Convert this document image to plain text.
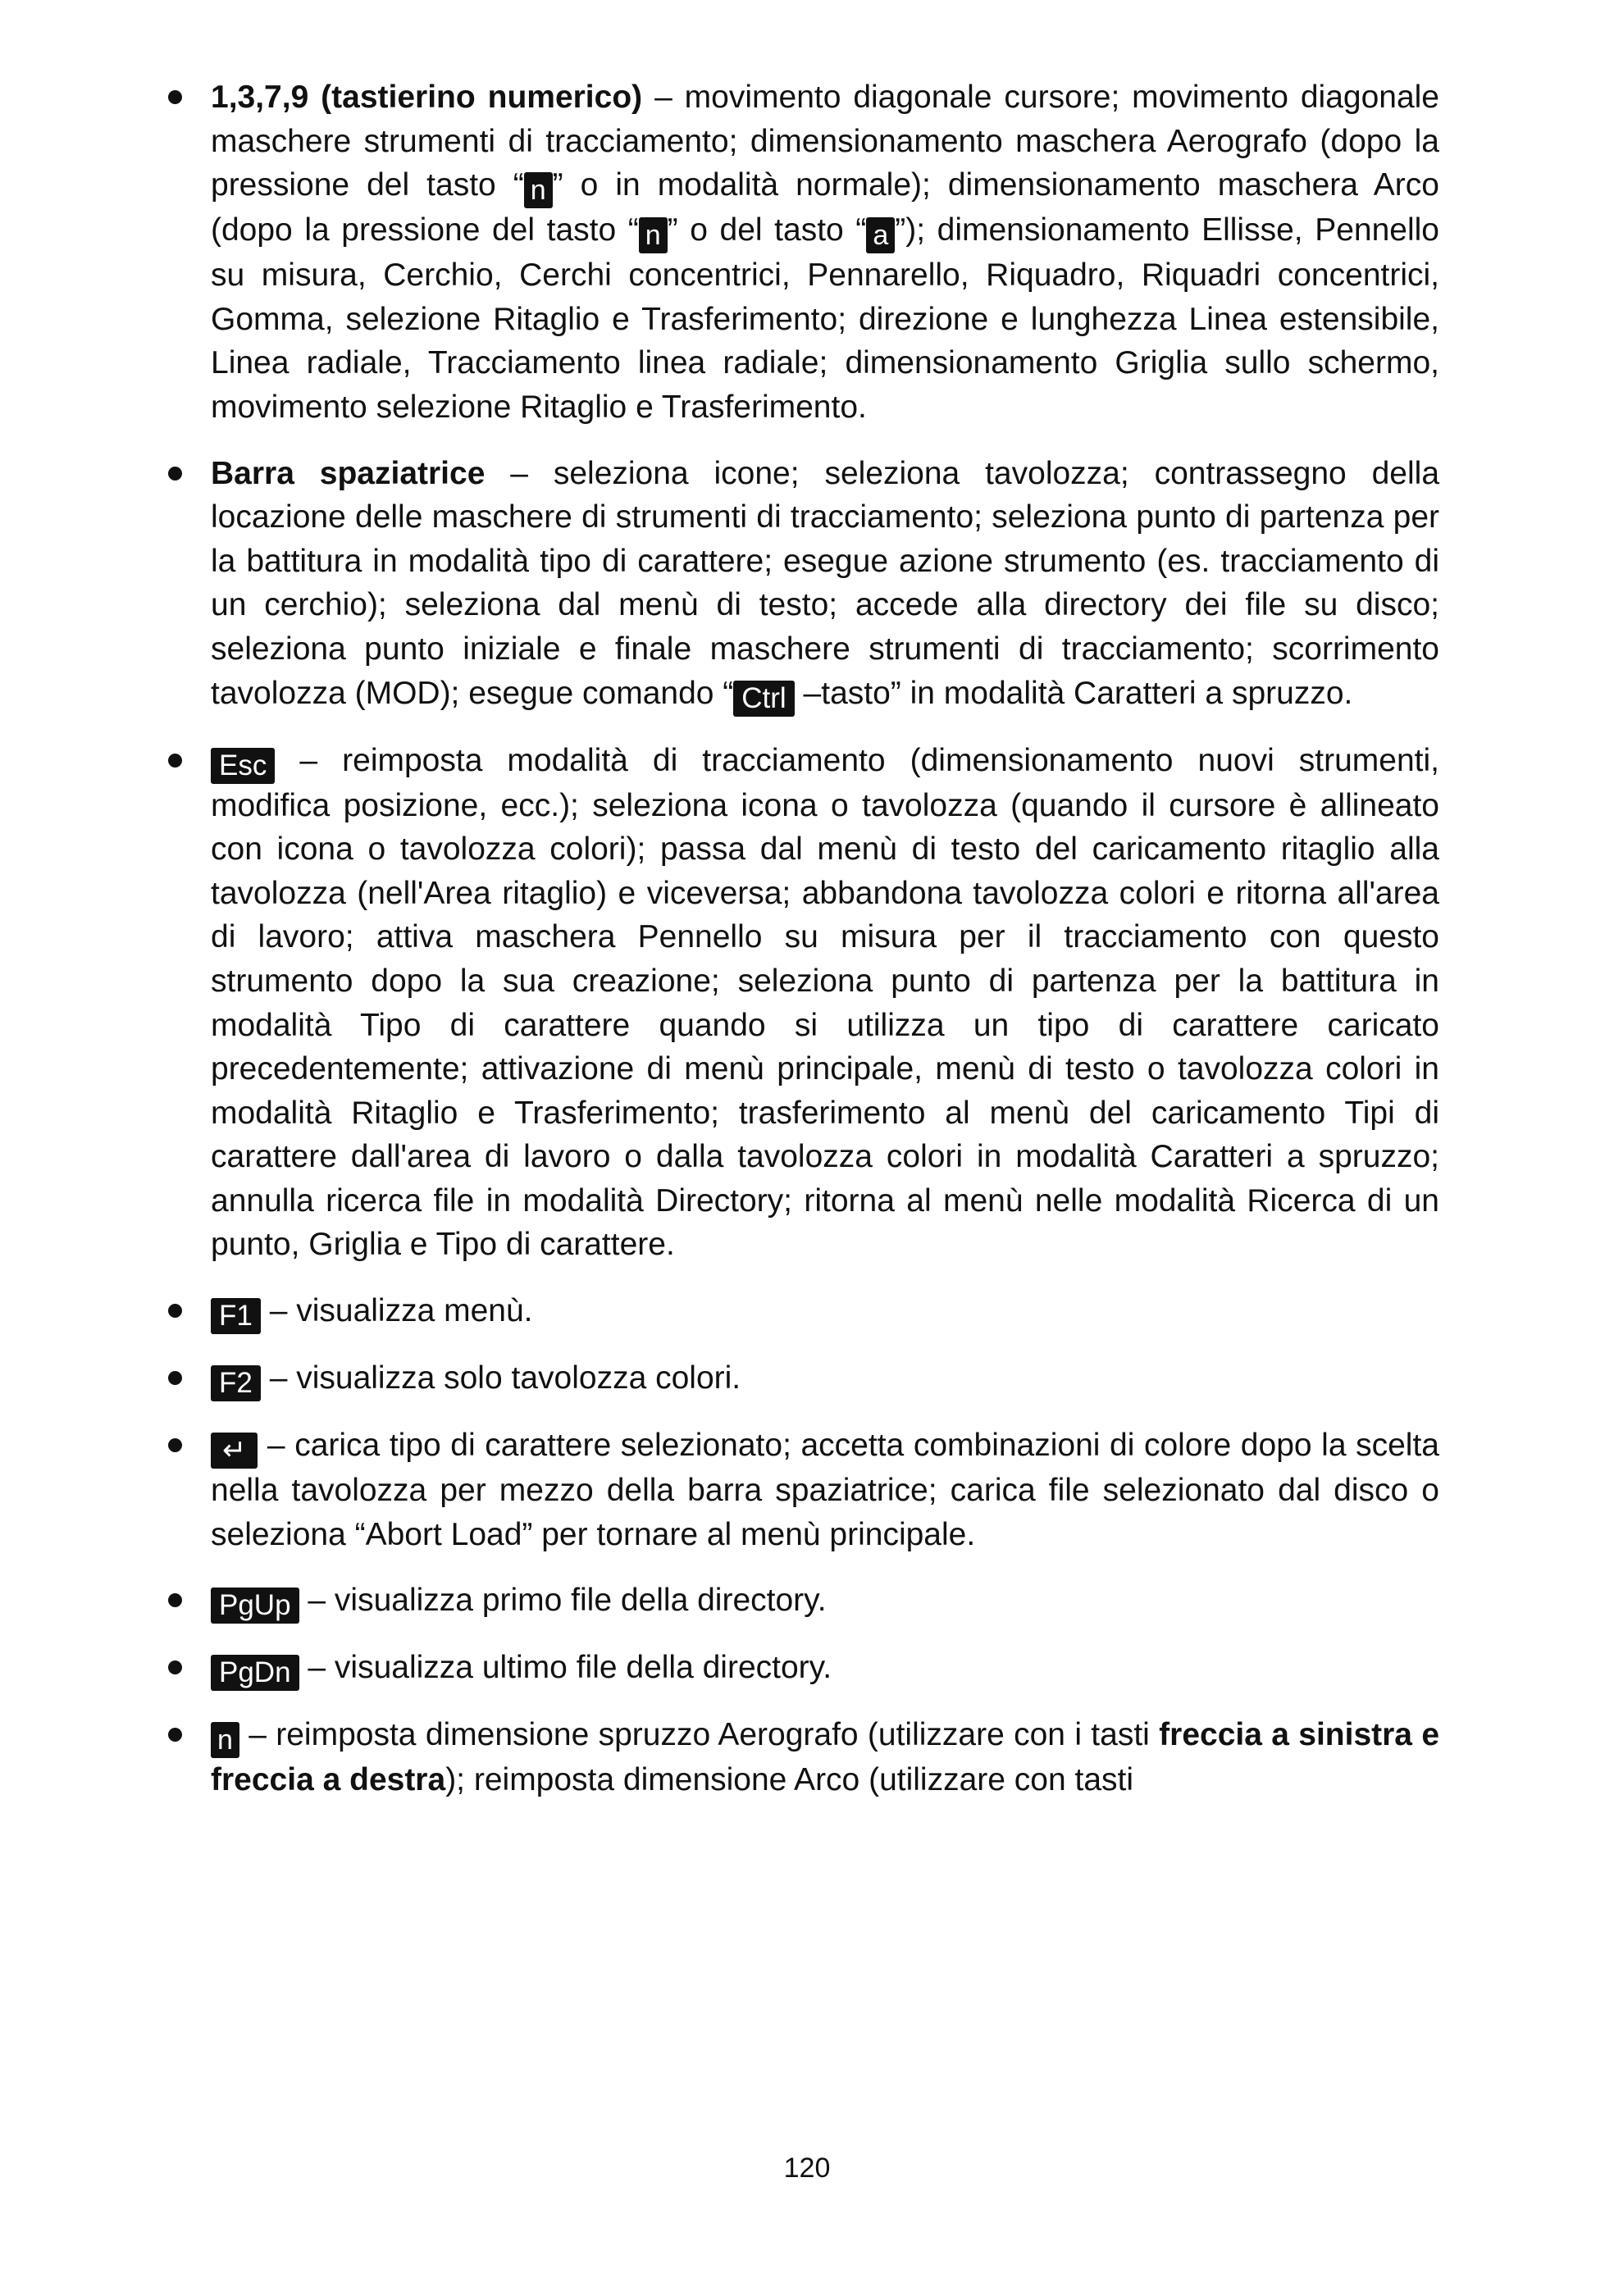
1,3,7,9 (tastierino numerico) – movimento diagonale cursore; movimento diagonale maschere strumenti di tracciamento; dimensionamento maschera Aerografo (dopo la pressione del tasto “ n ” o in modalità normale); dimensionamento maschera Arco (dopo la pressione del tasto “ n ” o del tasto “ a ”); dimensionamento Ellisse, Pennello su misura, Cerchio, Cerchi concentrici, Pennarello, Riquadro, Riquadri concentrici, Gomma, selezione Ritaglio e Trasferimento; direzione e lunghezza Linea estensibile, Linea radiale, Tracciamento linea radiale; dimensionamento Griglia sullo schermo, movimento selezione Ritaglio e Trasferimento.
Barra spaziatrice – seleziona icone; seleziona tavolozza; contrassegno della locazione delle maschere di strumenti di tracciamento; seleziona punto di partenza per la battitura in modalità tipo di carattere; esegue azione strumento (es. tracciamento di un cerchio); seleziona dal menù di testo; accede alla directory dei file su disco; seleziona punto iniziale e finale maschere strumenti di tracciamento; scorrimento tavolozza (MOD); esegue comando “ Ctrl –tasto” in modalità Caratteri a spruzzo.
Esc – reimposta modalità di tracciamento (dimensionamento nuovi strumenti, modifica posizione, ecc.); seleziona icona o tavolozza (quando il cursore è allineato con icona o tavolozza colori); passa dal menù di testo del caricamento ritaglio alla tavolozza (nell'Area ritaglio) e viceversa; abbandona tavolozza colori e ritorna all'area di lavoro; attiva maschera Pennello su misura per il tracciamento con questo strumento dopo la sua creazione; seleziona punto di partenza per la battitura in modalità Tipo di carattere quando si utilizza un tipo di carattere caricato precedentemente; attivazione di menù principale, menù di testo o tavolozza colori in modalità Ritaglio e Trasferimento; trasferimento al menù del caricamento Tipi di carattere dall'area di lavoro o dalla tavolozza colori in modalità Caratteri a spruzzo; annulla ricerca file in modalità Directory; ritorna al menù nelle modalità Ricerca di un punto, Griglia e Tipo di carattere.
F1 – visualizza menù.
F2 – visualizza solo tavolozza colori.
↵ – carica tipo di carattere selezionato; accetta combinazioni di colore dopo la scelta nella tavolozza per mezzo della barra spaziatrice; carica file selezionato dal disco o seleziona “Abort Load” per tornare al menù principale.
PgUp – visualizza primo file della directory.
PgDn – visualizza ultimo file della directory.
n – reimposta dimensione spruzzo Aerografo (utilizzare con i tasti freccia a sinistra e freccia a destra); reimposta dimensione Arco (utilizzare con tasti
120
